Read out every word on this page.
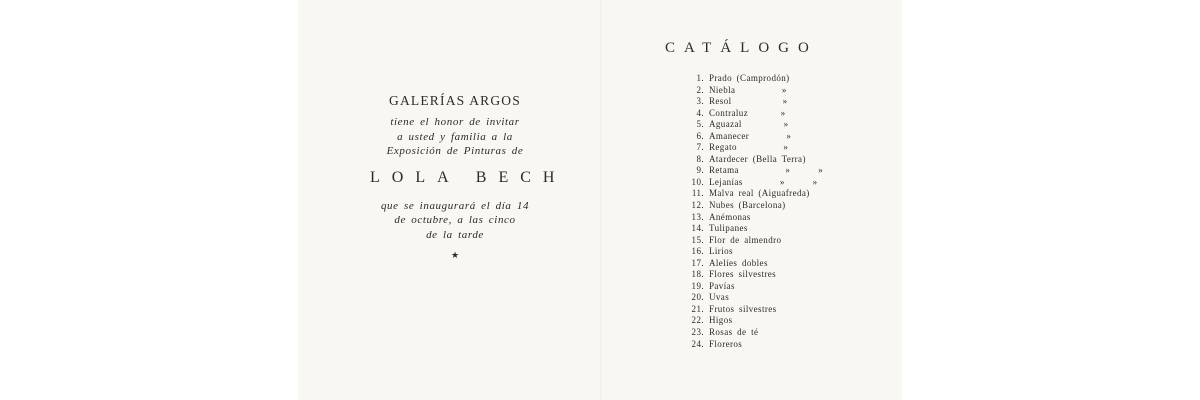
GALERÍAS ARGOS
tiene el honor de invitar
a usted y familia a la
Exposición de Pinturas de
LOLA BECH
que se inaugurará el día 14
de octubre, a las cinco
de la tarde
★
CATÁLOGO
1. Prado (Camprodón)
2. Niebla          »
3. Resol           »
4. Contraluz       »
5. Aguazal         »
6. Amanecer        »
7. Regato          »
8. Atardecer (Bella Terra)
9. Retama          »      »
10. Lejanías        »      »
11. Malva real (Aiguafreda)
12. Nubes (Barcelona)
13. Anémonas
14. Tulipanes
15. Flor de almendro
16. Lirios
17. Alelíes dobles
18. Flores silvestres
19. Pavías
20. Uvas
21. Frutos silvestres
22. Higos
23. Rosas de té
24. Floreros
